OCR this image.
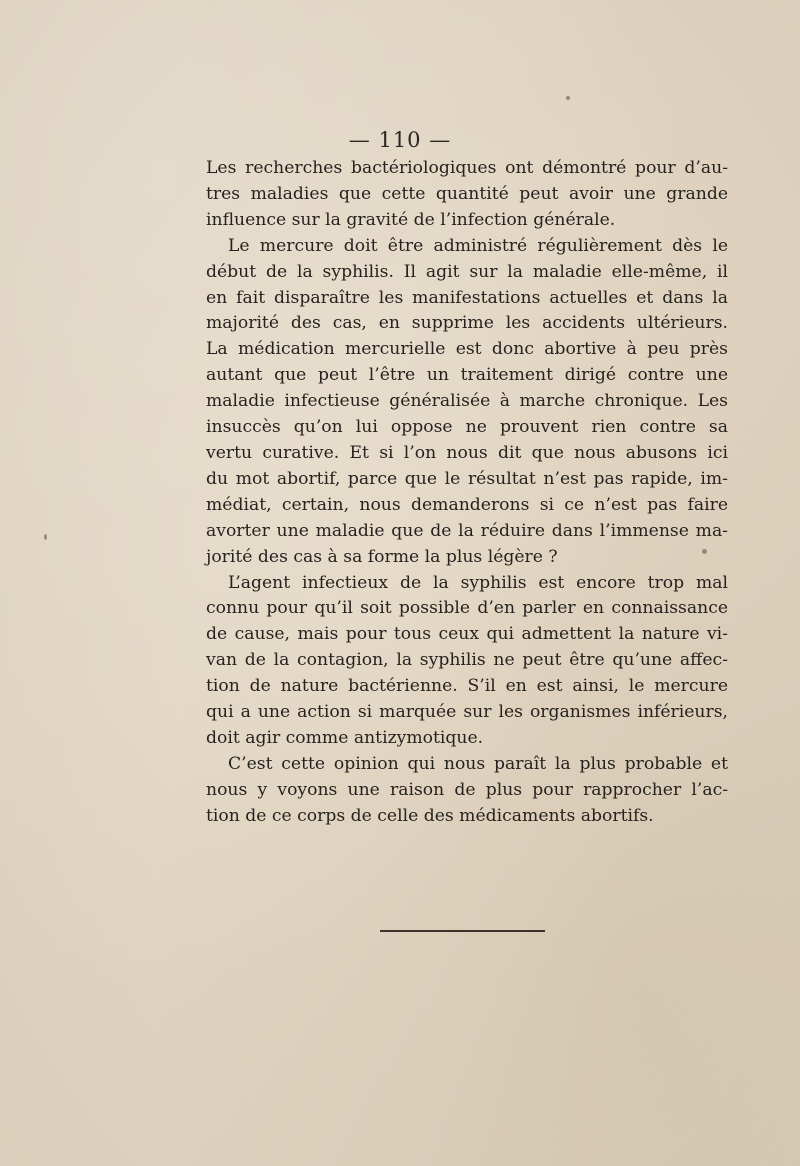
— 110 —
Les recherches bactériologiques ont démontré pour d’au-
tres maladies que cette quantité peut avoir une grande
influence sur la gravité de l’infection générale.
Le mercure doit être administré régulièrement dès le
début de la syphilis. Il agit sur la maladie elle-même, il
en fait disparaître les manifestations actuelles et dans la
majorité des cas, en supprime les accidents ultérieurs.
La médication mercurielle est donc abortive à peu près
autant que peut l’être un traitement dirigé contre une
maladie infectieuse généralisée à marche chronique. Les
insuccès qu’on lui oppose ne prouvent rien contre sa
vertu curative. Et si l’on nous dit que nous abusons ici
du mot abortif, parce que le résultat n’est pas rapide, im-
médiat, certain, nous demanderons si ce n’est pas faire
avorter une maladie que de la réduire dans l’immense ma-
jorité des cas à sa forme la plus légère ?
L’agent infectieux de la syphilis est encore trop mal
connu pour qu’il soit possible d’en parler en connaissance
de cause, mais pour tous ceux qui admettent la nature vi-
van de la contagion, la syphilis ne peut être qu’une affec-
tion de nature bactérienne. S’il en est ainsi, le mercure
qui a une action si marquée sur les organismes inférieurs,
doit agir comme antizymotique.
C’est cette opinion qui nous paraît la plus probable et
nous y voyons une raison de plus pour rapprocher l’ac-
tion de ce corps de celle des médicaments abortifs.
